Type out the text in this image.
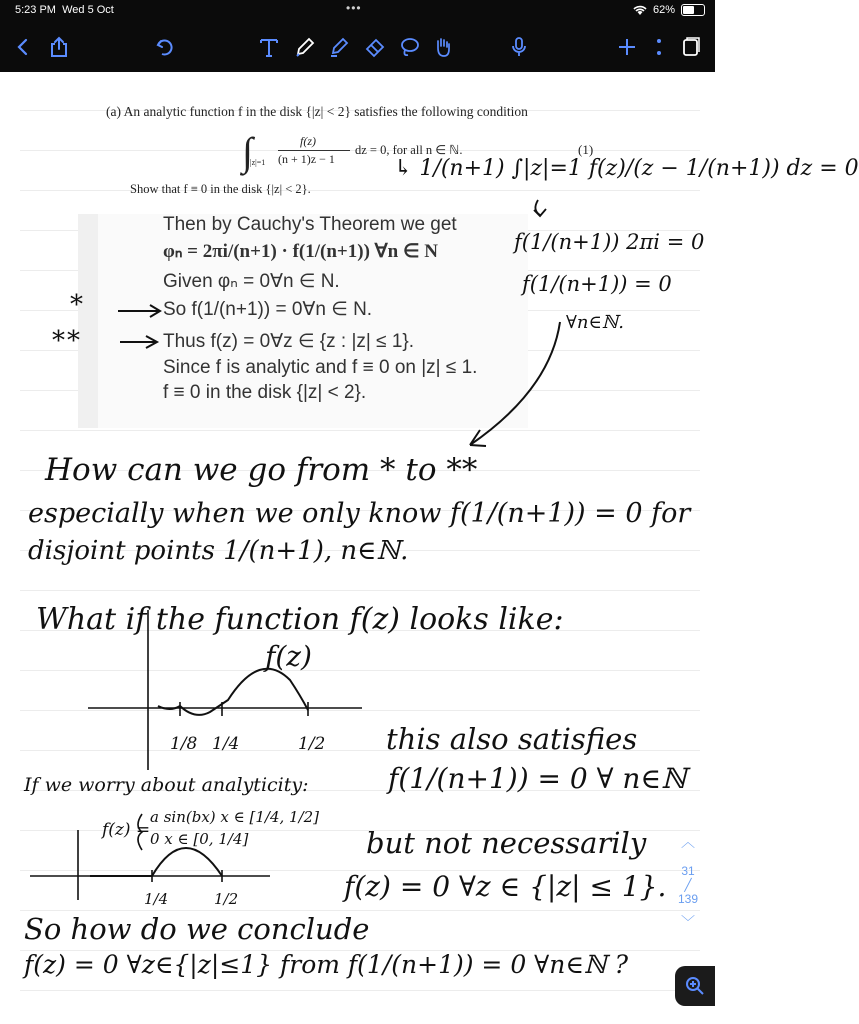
5:23 PM Wed 5 Oct	•••	62%
(a) An analytic function f in the disk {|z| < 2} satisfies the following condition
∫
|z|=1
f(z)
(n + 1)z − 1
dz = 0, for all n ∈ ℕ.	(1)
Show that f ≡ 0 in the disk {|z| < 2}.
Then by Cauchy's Theorem we get
φₙ = 2πi/(n+1) · f(1/(n+1)) ∀n ∈ N
Given φₙ = 0∀n ∈ N.
So f(1/(n+1)) = 0∀n ∈ N.
Thus f(z) = 0∀z ∈ {z : |z| ≤ 1}.
Since f is analytic and f ≡ 0 on |z| ≤ 1.
f ≡ 0 in the disk {|z| < 2}.
*
**
↳ 1/(n+1) ∫|z|=1 f(z)/(z − 1/(n+1)) dz = 0
f(1/(n+1)) 2πi = 0
f(1/(n+1)) = 0
∀n∈ℕ.
How can we go from * to **
especially when we only know f(1/(n+1)) = 0 for
disjoint points 1/(n+1), n∈ℕ.
What if the function f(z) looks like:
f(z)
1/8 1/4	1/2 this also satisfies
f(1/(n+1)) = 0 ∀ n∈ℕ
If we worry about analyticity:
f(z) =
a sin(bx) x ∈ [1/4, 1/2]
0 x ∈ [0, 1/4]
1/4	1/2
but not necessarily
f(z) = 0 ∀z ∈ {|z| ≤ 1}.
So how do we conclude
f(z) = 0 ∀z∈{|z|≤1} from f(1/(n+1)) = 0 ∀n∈ℕ ?
︿
31
╱
139
﹀
